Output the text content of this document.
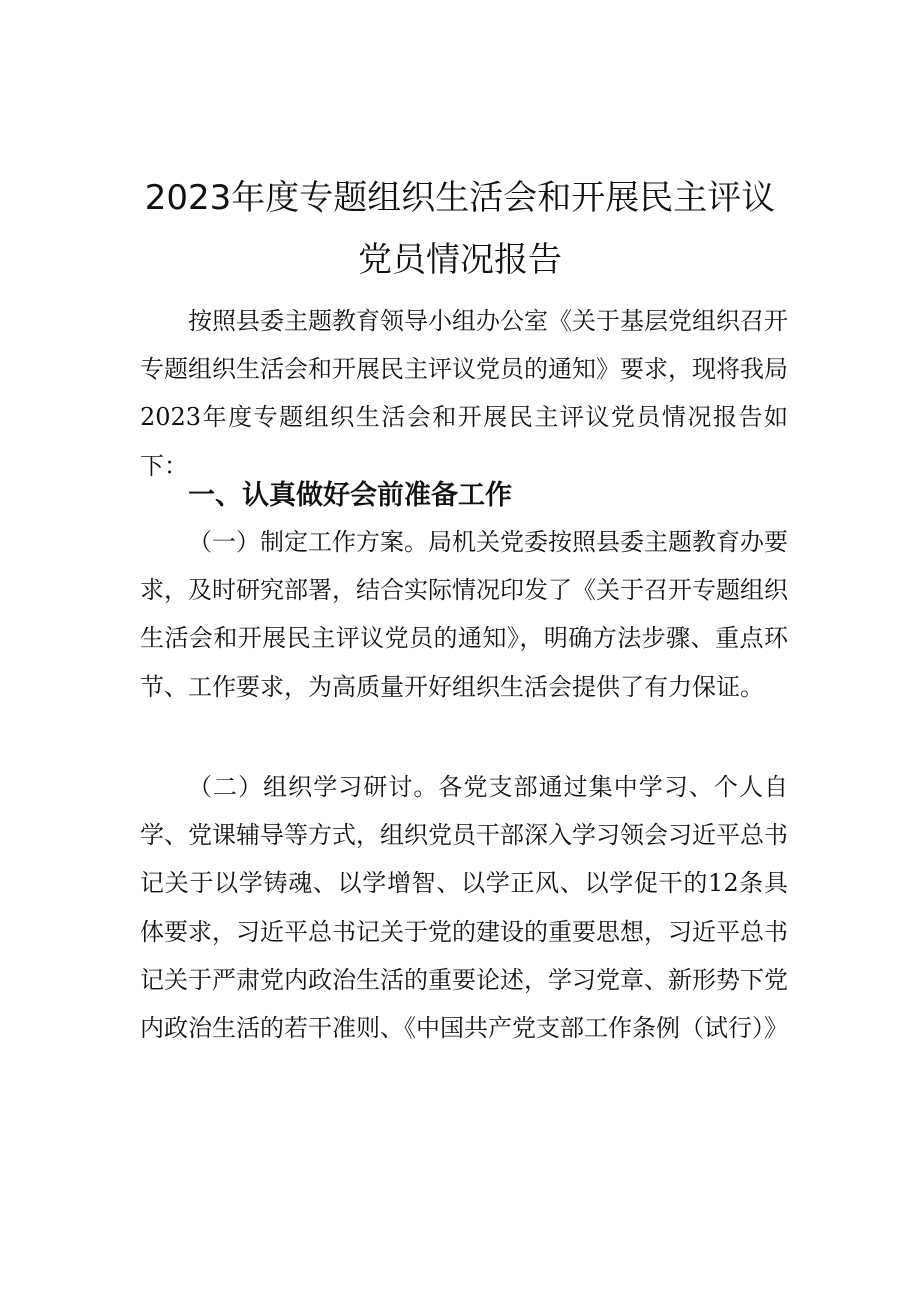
2023年度专题组织生活会和开展民主评议
党员情况报告

按照县委主题教育领导小组办公室《关于基层党组织召开专题组织生活会和开展民主评议党员的通知》要求，现将我局2023年度专题组织生活会和开展民主评议党员情况报告如下：

一、认真做好会前准备工作

（一）制定工作方案。局机关党委按照县委主题教育办要求，及时研究部署，结合实际情况印发了《关于召开专题组织生活会和开展民主评议党员的通知》，明确方法步骤、重点环节、工作要求，为高质量开好组织生活会提供了有力保证。

（二）组织学习研讨。各党支部通过集中学习、个人自学、党课辅导等方式，组织党员干部深入学习领会习近平总书记关于以学铸魂、以学增智、以学正风、以学促干的12条具体要求，习近平总书记关于党的建设的重要思想，习近平总书记关于严肃党内政治生活的重要论述，学习党章、新形势下党内政治生活的若干准则、《中国共产党支部工作条例（试行）》
